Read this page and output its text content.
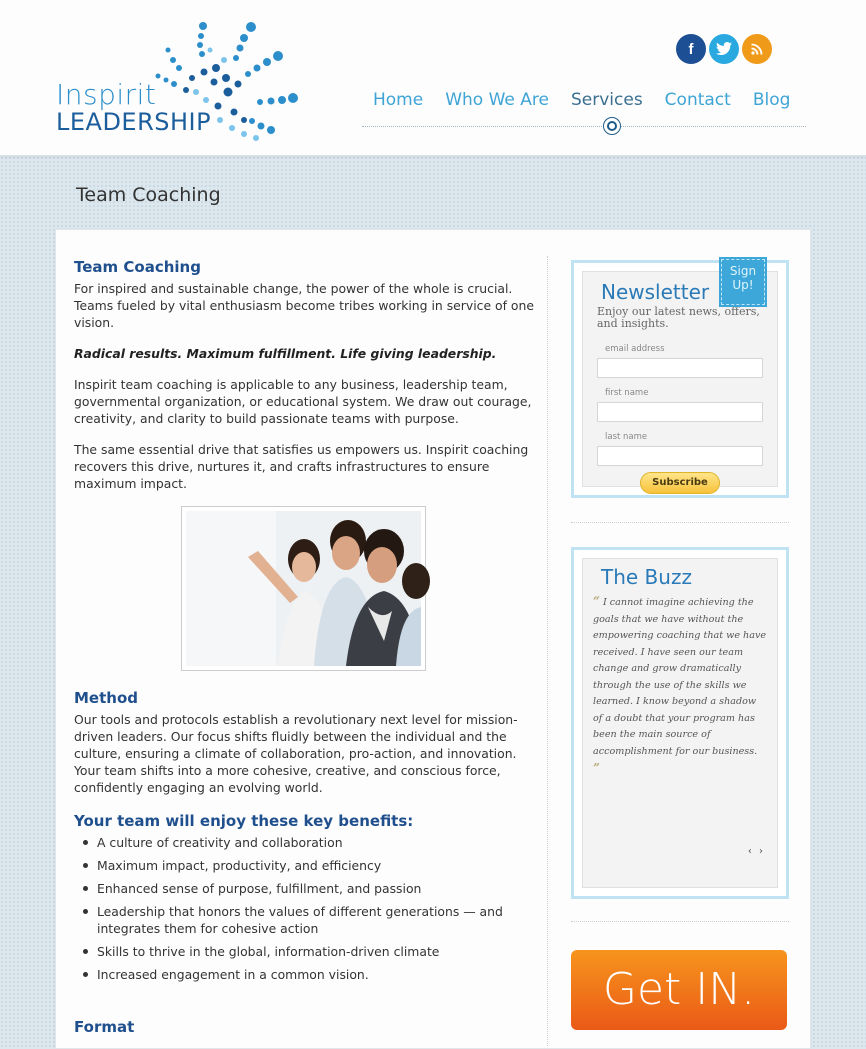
Inspirit
LEADERSHIP
f
Home	Who We Are	Services	Contact	Blog
Team Coaching
Team Coaching

For inspired and sustainable change, the power of the whole is crucial. Teams fueled by vital enthusiasm become tribes working in service of one vision.

Radical results. Maximum fulfillment. Life giving leadership.

Inspirit team coaching is applicable to any business, leadership team, governmental organization, or educational system. We draw out courage, creativity, and clarity to build passionate teams with purpose.

The same essential drive that satisfies us empowers us. Inspirit coaching recovers this drive, nurtures it, and crafts infrastructures to ensure maximum impact.

Method

Our tools and protocols establish a revolutionary next level for mission-driven leaders. Our focus shifts fluidly between the individual and the culture, ensuring a climate of collaboration, pro-action, and innovation. Your team shifts into a more cohesive, creative, and conscious force, confidently engaging an evolving world.

Your team will enjoy these key benefits:
A culture of creativity and collaboration
Maximum impact, productivity, and efficiency
Enhanced sense of purpose, fulfillment, and passion
Leadership that honors the values of different generations — and integrates them for cohesive action
Skills to thrive in the global, information-driven climate
Increased engagement in a common vision.
Format
Sign
Up!
Newsletter
Enjoy our latest news, offers, and insights.
email address
first name
last name
Subscribe
The Buzz
“ I cannot imagine achieving the goals that we have without the empowering coaching that we have received. I have seen our team change and grow dramatically through the use of the skills we learned. I know beyond a shadow of a doubt that your program has been the main source of accomplishment for our business. ”
‹ ›
Get IN.
